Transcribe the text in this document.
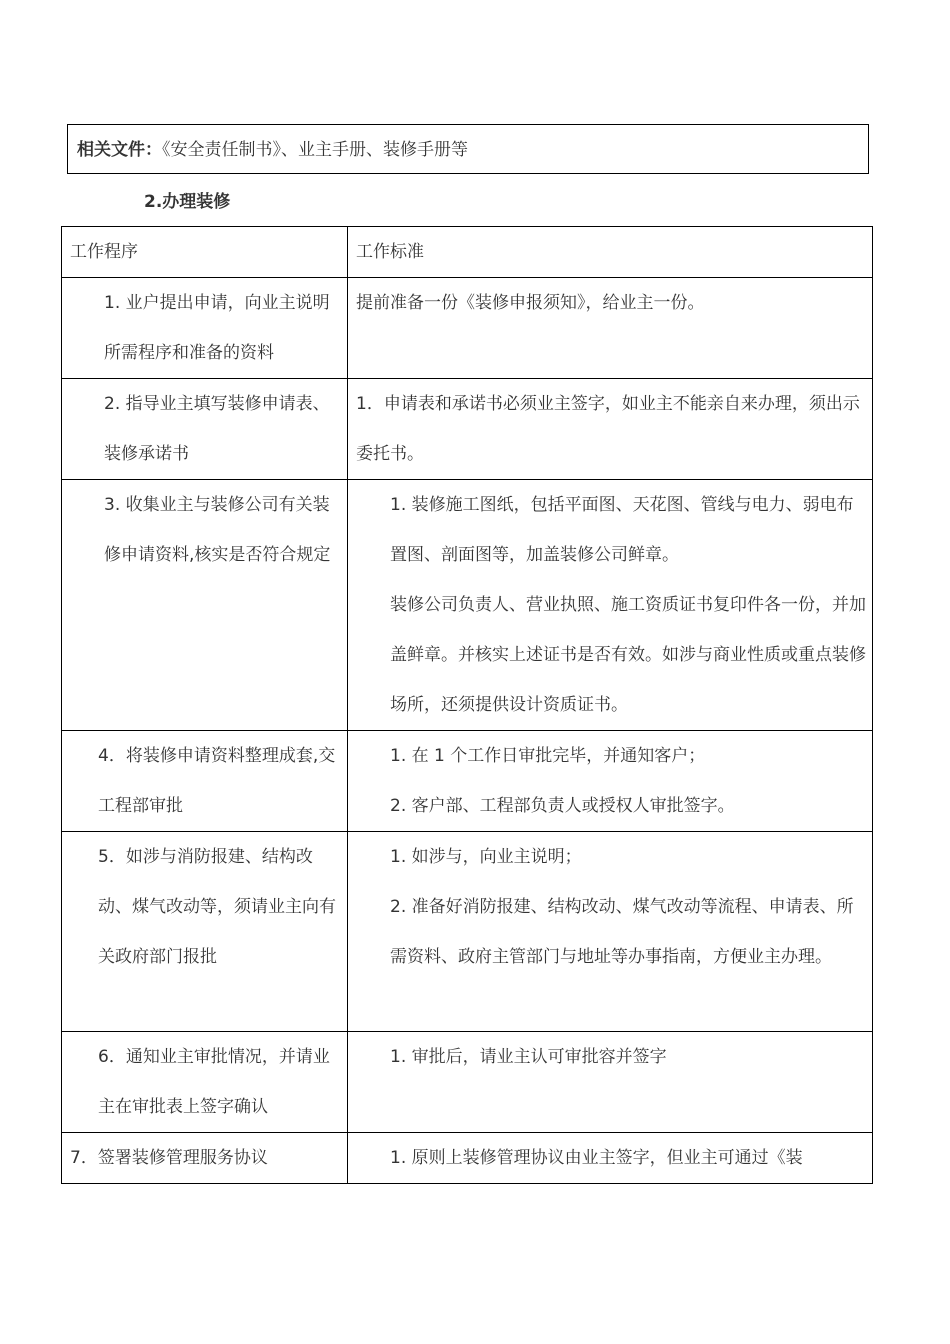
相关文件：《安全责任制书》、业主手册、装修手册等
2.办理装修
工作程序	工作标准

1. 业户提出申请，向业主说明所需程序和准备的资料	提前准备一份《装修申报须知》，给业主一份。

2. 指导业主填写装修申请表、装修承诺书	1．申请表和承诺书必须业主签字，如业主不能亲自来办理，须出示委托书。

3. 收集业主与装修公司有关装修申请资料,核实是否符合规定	1. 装修施工图纸，包括平面图、天花图、管线与电力、弱电布置图、剖面图等，加盖装修公司鲜章。
装修公司负责人、营业执照、施工资质证书复印件各一份，并加盖鲜章。并核实上述证书是否有效。如涉与商业性质或重点装修场所，还须提供设计资质证书。

4．将装修申请资料整理成套,交工程部审批	1. 在 1 个工作日审批完毕，并通知客户；
2. 客户部、工程部负责人或授权人审批签字。

5．如涉与消防报建、结构改动、煤气改动等，须请业主向有关政府部门报批	1. 如涉与，向业主说明；
2. 准备好消防报建、结构改动、煤气改动等流程、申请表、所需资料、政府主管部门与地址等办事指南，方便业主办理。

6．通知业主审批情况，并请业主在审批表上签字确认	1. 审批后，请业主认可审批容并签字

7．签署装修管理服务协议	1. 原则上装修管理协议由业主签字，但业主可通过《装
